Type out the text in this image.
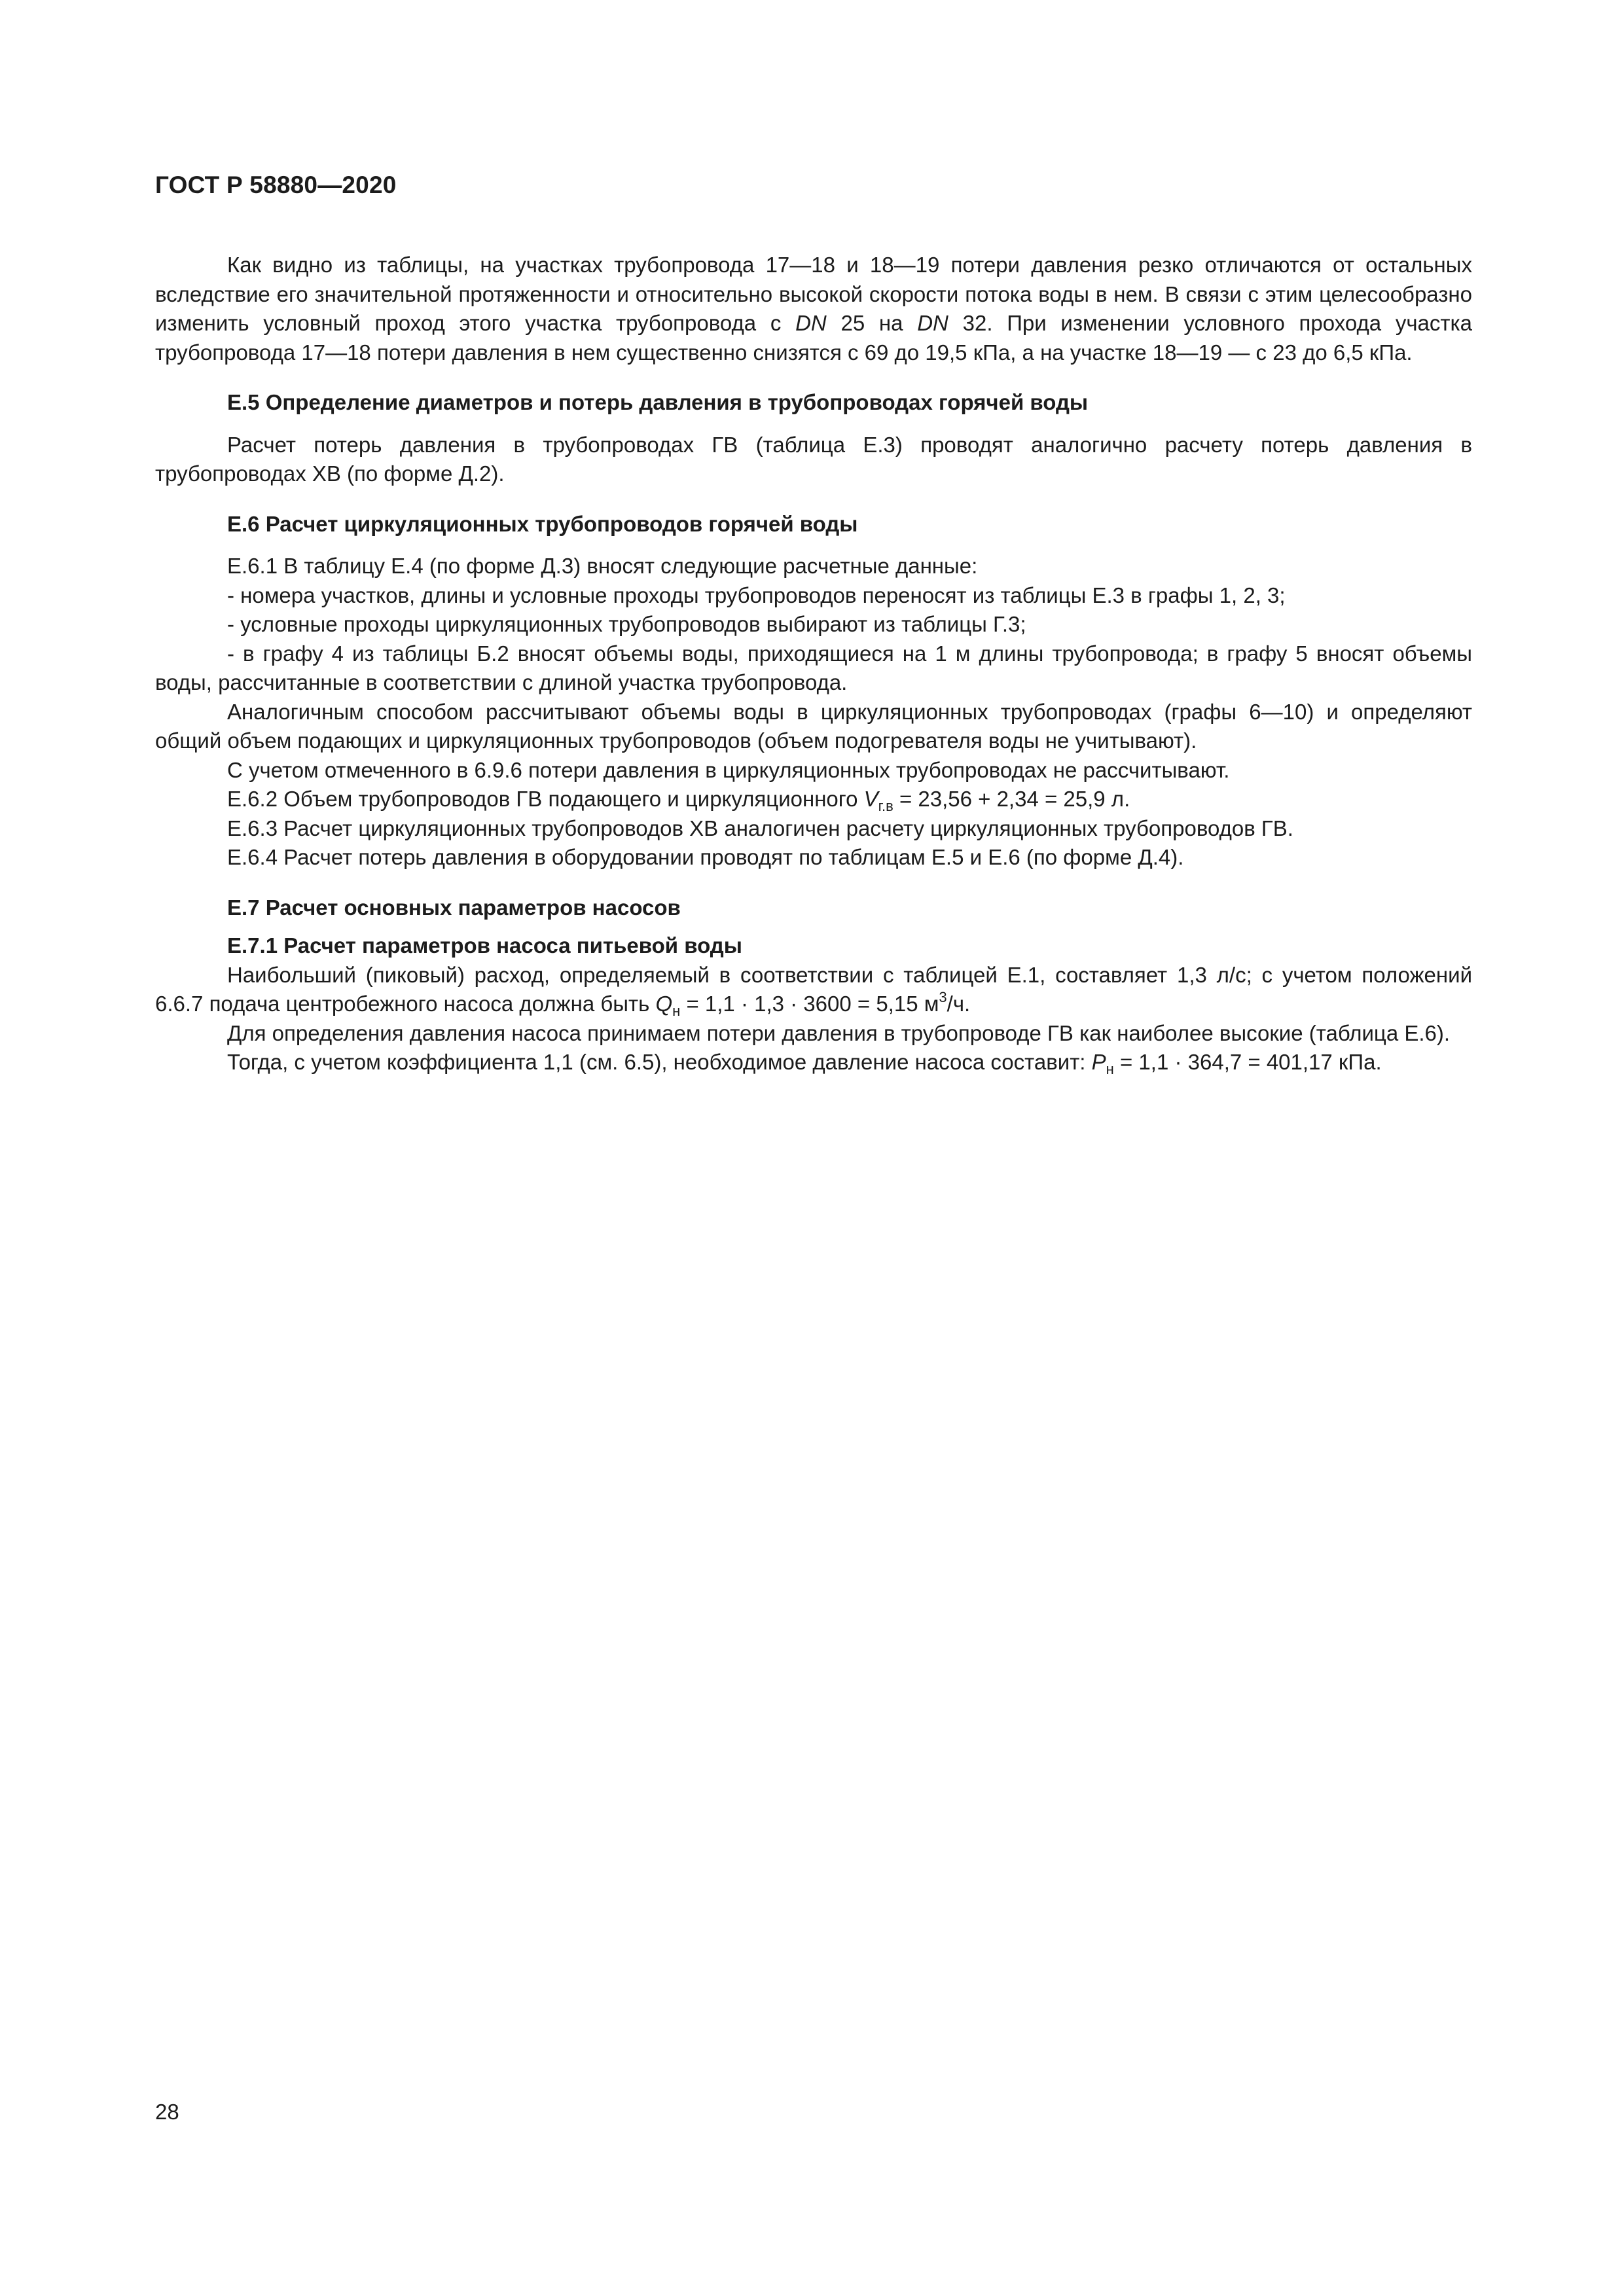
ГОСТ Р 58880—2020

Как видно из таблицы, на участках трубопровода 17—18 и 18—19 потери давления резко отличаются от остальных вследствие его значительной протяженности и относительно высокой скорости потока воды в нем. В связи с этим целесообразно изменить условный проход этого участка трубопровода с DN 25 на DN 32. При изменении условного прохода участка трубопровода 17—18 потери давления в нем существенно снизятся с 69 до 19,5 кПа, а на участке 18—19 — с 23 до 6,5 кПа.

Е.5 Определение диаметров и потерь давления в трубопроводах горячей воды

Расчет потерь давления в трубопроводах ГВ (таблица Е.3) проводят аналогично расчету потерь давления в трубопроводах ХВ (по форме Д.2).

Е.6 Расчет циркуляционных трубопроводов горячей воды

Е.6.1 В таблицу Е.4 (по форме Д.3) вносят следующие расчетные данные:

- номера участков, длины и условные проходы трубопроводов переносят из таблицы Е.3 в графы 1, 2, 3;

- условные проходы циркуляционных трубопроводов выбирают из таблицы Г.3;

- в графу 4 из таблицы Б.2 вносят объемы воды, приходящиеся на 1 м длины трубопровода; в графу 5 вносят объемы воды, рассчитанные в соответствии с длиной участка трубопровода.

Аналогичным способом рассчитывают объемы воды в циркуляционных трубопроводах (графы 6—10) и определяют общий объем подающих и циркуляционных трубопроводов (объем подогревателя воды не учитывают).

С учетом отмеченного в 6.9.6 потери давления в циркуляционных трубопроводах не рассчитывают.

Е.6.2 Объем трубопроводов ГВ подающего и циркуляционного $V_{г.в} = 23,56 + 2,34 = 25,9$ л.

Е.6.3 Расчет циркуляционных трубопроводов ХВ аналогичен расчету циркуляционных трубопроводов ГВ.

Е.6.4 Расчет потерь давления в оборудовании проводят по таблицам Е.5 и Е.6 (по форме Д.4).

Е.7 Расчет основных параметров насосов

Е.7.1 Расчет параметров насоса питьевой воды

Наибольший (пиковый) расход, определяемый в соответствии с таблицей Е.1, составляет 1,3 л/с; с учетом положений 6.6.7 подача центробежного насоса должна быть $Q_н = 1,1 \cdot 1,3 \cdot 3600 = 5,15$ $м^3/ч$.

Для определения давления насоса принимаем потери давления в трубопроводе ГВ как наиболее высокие (таблица Е.6).

Тогда, с учетом коэффициента 1,1 (см. 6.5), необходимое давление насоса составит: $P_н = 1,1 \cdot 364,7 = 401,17$ кПа.

28
